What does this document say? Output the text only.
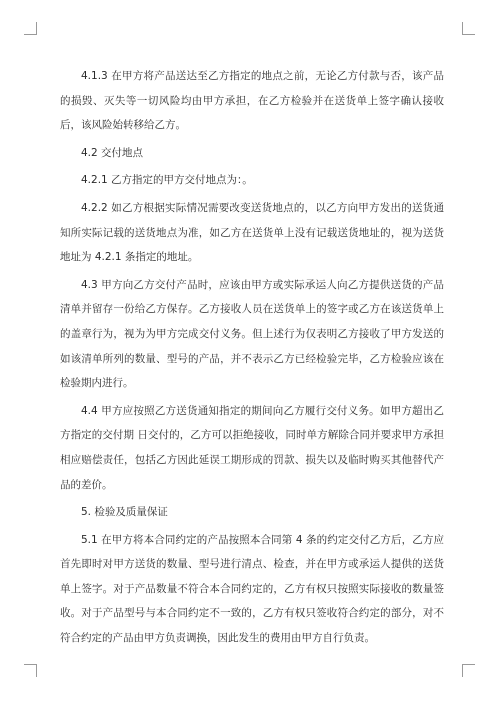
4.1.3 在甲方将产品送达至乙方指定的地点之前，无论乙方付款与否，该产品的损毁、灭失等一切风险均由甲方承担，在乙方检验并在送货单上签字确认接收后，该风险始转移给乙方。

4.2 交付地点

4.2.1 乙方指定的甲方交付地点为：。

4.2.2 如乙方根据实际情况需要改变送货地点的，以乙方向甲方发出的送货通知所实际记载的送货地点为准，如乙方在送货单上没有记载送货地址的，视为送货地址为 4.2.1 条指定的地址。

4.3 甲方向乙方交付产品时，应该由甲方或实际承运人向乙方提供送货的产品清单并留存一份给乙方保存。乙方接收人员在送货单上的签字或乙方在该送货单上的盖章行为，视为为甲方完成交付义务。但上述行为仅表明乙方接收了甲方发送的如该清单所列的数量、型号的产品，并不表示乙方已经检验完毕，乙方检验应该在检验期内进行。

4.4 甲方应按照乙方送货通知指定的期间向乙方履行交付义务。如甲方超出乙方指定的交付期 日交付的，乙方可以拒绝接收，同时单方解除合同并要求甲方承担相应赔偿责任，包括乙方因此延误工期形成的罚款、损失以及临时购买其他替代产品的差价。

5. 检验及质量保证

5.1 在甲方将本合同约定的产品按照本合同第 4 条的约定交付乙方后，乙方应首先即时对甲方送货的数量、型号进行清点、检查，并在甲方或承运人提供的送货单上签字。对于产品数量不符合本合同约定的，乙方有权只按照实际接收的数量签收。对于产品型号与本合同约定不一致的，乙方有权只签收符合约定的部分，对不符合约定的产品由甲方负责调换，因此发生的费用由甲方自行负责。
